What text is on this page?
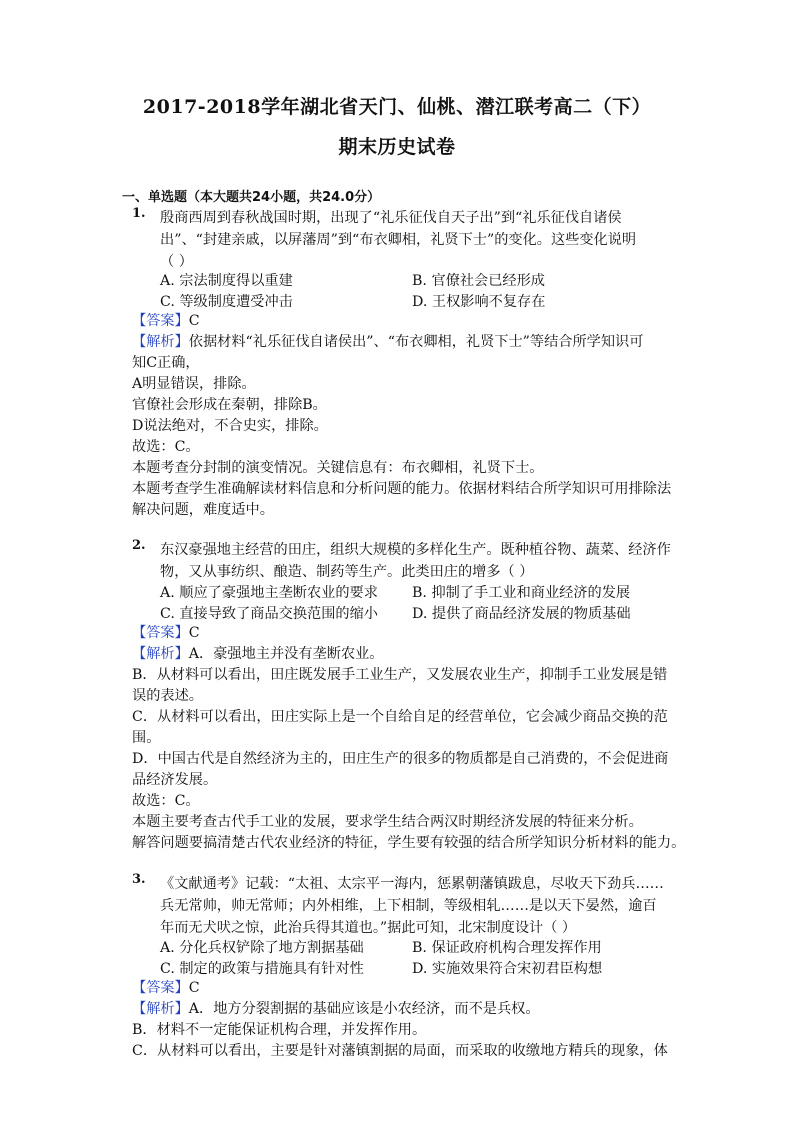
2017-2018学年湖北省天门、仙桃、潜江联考高二（下）
期末历史试卷
一、单选题（本大题共24小题，共24.0分）
1. 殷商西周到春秋战国时期，出现了“礼乐征伐自天子出”到“礼乐征伐自诸侯
出”、“封建亲戚，以屏藩周”到“布衣卿相，礼贤下士”的变化。这些变化说明
（ ）
A. 宗法制度得以重建	B. 官僚社会已经形成
C. 等级制度遭受冲击	D. 王权影响不复存在
【答案】C
【解析】依据材料“礼乐征伐自诸侯出”、“布衣卿相，礼贤下士”等结合所学知识可
知C正确，
A明显错误，排除。
官僚社会形成在秦朝，排除B。
D说法绝对，不合史实，排除。
故选：C。
本题考查分封制的演变情况。关键信息有：布衣卿相，礼贤下士。
本题考查学生准确解读材料信息和分析问题的能力。依据材料结合所学知识可用排除法
解决问题，难度适中。
2. 东汉豪强地主经营的田庄，组织大规模的多样化生产。既种植谷物、蔬菜、经济作
物，又从事纺织、酿造、制药等生产。此类田庄的增多（ ）
A. 顺应了豪强地主垄断农业的要求 B. 抑制了手工业和商业经济的发展
C. 直接导致了商品交换范围的缩小 D. 提供了商品经济发展的物质基础
【答案】C
【解析】A．豪强地主并没有垄断农业。
B．从材料可以看出，田庄既发展手工业生产，又发展农业生产，抑制手工业发展是错
误的表述。
C．从材料可以看出，田庄实际上是一个自给自足的经营单位，它会减少商品交换的范
围。
D．中国古代是自然经济为主的，田庄生产的很多的物质都是自己消费的，不会促进商
品经济发展。
故选：C。
本题主要考查古代手工业的发展，要求学生结合两汉时期经济发展的特征来分析。
解答问题要搞清楚古代农业经济的特征，学生要有较强的结合所学知识分析材料的能力。
3. 《文献通考》记载：“太祖、太宗平一海内，惩累朝藩镇跋息，尽收天下劲兵……
兵无常帅，帅无常师；内外相维，上下相制，等级相轧……是以天下晏然，逾百
年而无犬吠之惊，此治兵得其道也。”据此可知，北宋制度设计（ ）
A. 分化兵权铲除了地方割据基础	B. 保证政府机构合理发挥作用
C. 制定的政策与措施具有针对性	D. 实施效果符合宋初君臣构想
【答案】C
【解析】A．地方分裂割据的基础应该是小农经济，而不是兵权。
B．材料不一定能保证机构合理，并发挥作用。
C．从材料可以看出，主要是针对藩镇割据的局面，而采取的收缴地方精兵的现象，体
